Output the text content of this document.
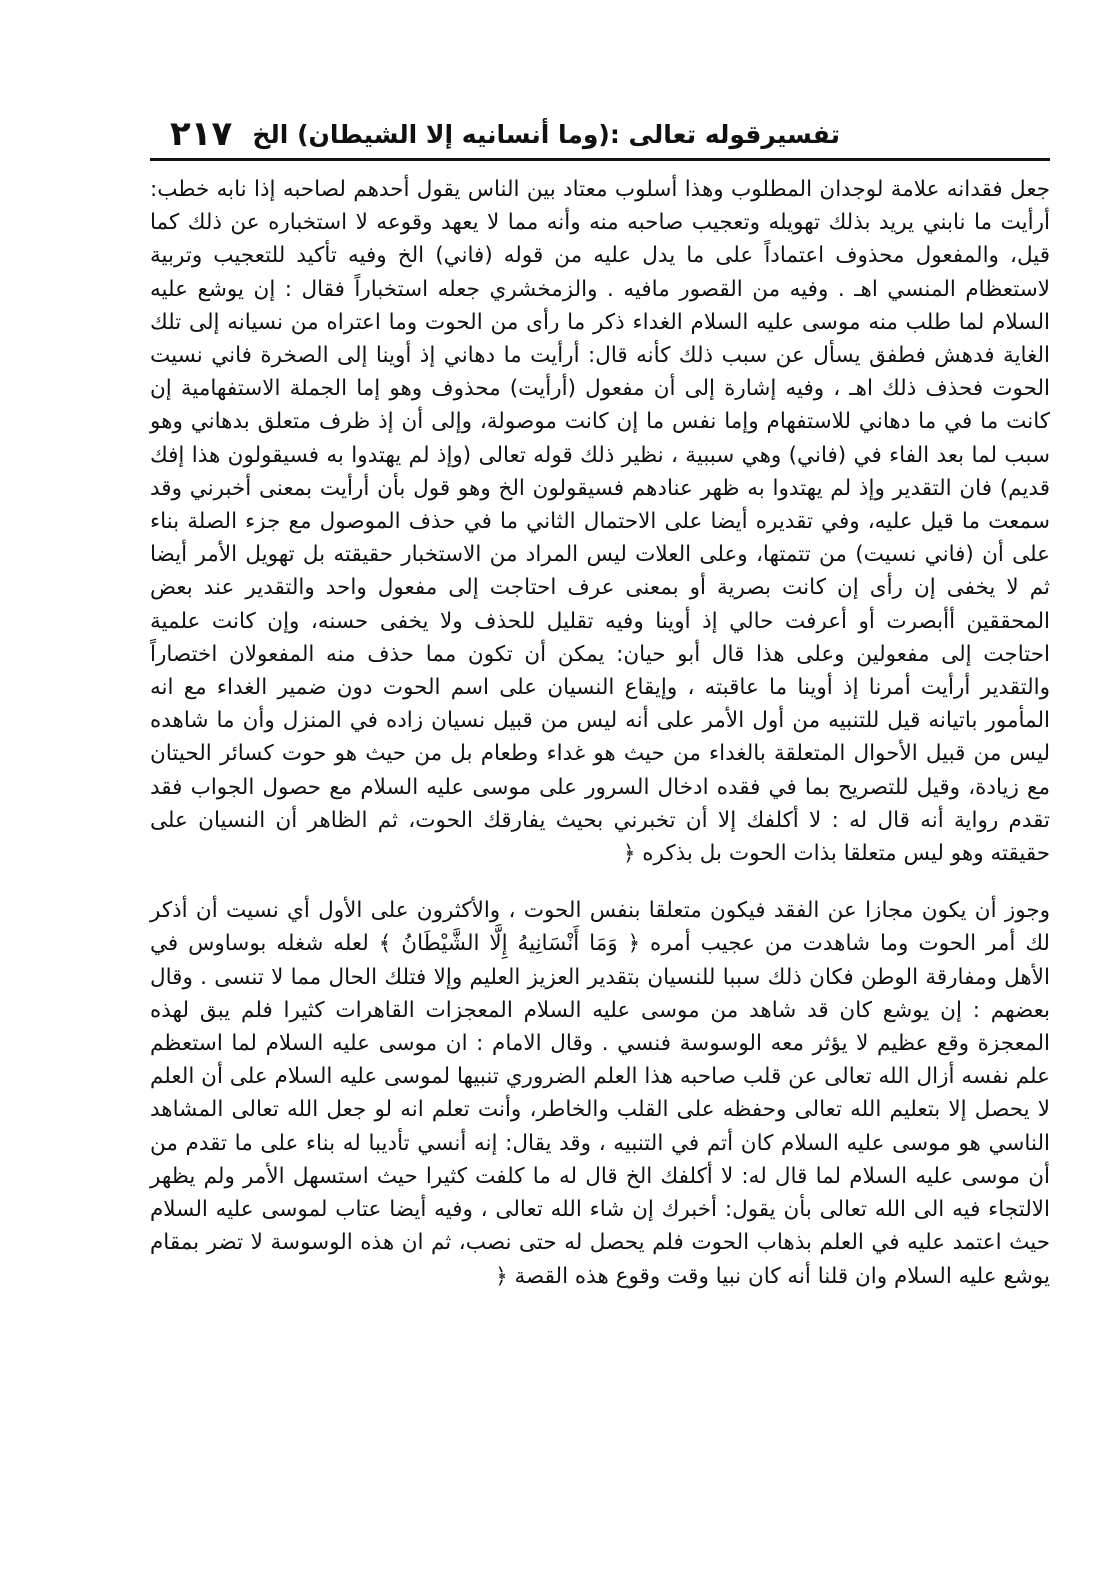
تفسيرقوله تعالى :(وما أنسانيه إلا الشيطان) الخ
٢١٧

جعل فقدانه علامة لوجدان المطلوب وهذا أسلوب معتاد بين الناس يقول أحدهم لصاحبه إذا نابه خطب: أرأيت ما نابني يريد بذلك تهويله وتعجيب صاحبه منه وأنه مما لا يعهد وقوعه لا استخباره عن ذلك كما قيل، والمفعول محذوف اعتماداً على ما يدل عليه من قوله (فاني) الخ وفيه تأكيد للتعجيب وتربية لاستعظام المنسي اهـ . وفيه من القصور مافيه . والزمخشري جعله استخباراً فقال : إن يوشع عليه السلام لما طلب منه موسى عليه السلام الغداء ذكر ما رأى من الحوت وما اعتراه من نسيانه إلى تلك الغاية فدهش فطفق يسأل عن سبب ذلك كأنه قال: أرأيت ما دهاني إذ أوينا إلى الصخرة فاني نسيت الحوت فحذف ذلك اهـ ، وفيه إشارة إلى أن مفعول (أرأيت) محذوف وهو إما الجملة الاستفهامية إن كانت ما في ما دهاني للاستفهام وإما نفس ما إن كانت موصولة، وإلى أن إذ ظرف متعلق بدهاني وهو سبب لما بعد الفاء في (فاني) وهي سببية ، نظير ذلك قوله تعالى (وإذ لم يهتدوا به فسيقولون هذا إفك قديم) فان التقدير وإذ لم يهتدوا به ظهر عنادهم فسيقولون الخ وهو قول بأن أرأيت بمعنى أخبرني وقد سمعت ما قيل عليه، وفي تقديره أيضا على الاحتمال الثاني ما في حذف الموصول مع جزء الصلة بناء على أن (فاني نسيت) من تتمتها، وعلى العلات ليس المراد من الاستخبار حقيقته بل تهويل الأمر أيضا ثم لا يخفى إن رأى إن كانت بصرية أو بمعنى عرف احتاجت إلى مفعول واحد والتقدير عند بعض المحققين أأبصرت أو أعرفت حالي إذ أوينا وفيه تقليل للحذف ولا يخفى حسنه، وإن كانت علمية احتاجت إلى مفعولين وعلى هذا قال أبو حيان: يمكن أن تكون مما حذف منه المفعولان اختصاراً والتقدير أرأيت أمرنا إذ أوينا ما عاقبته ، وإيقاع النسيان على اسم الحوت دون ضمير الغداء مع انه المأمور باتيانه قيل للتنبيه من أول الأمر على أنه ليس من قبيل نسيان زاده في المنزل وأن ما شاهده ليس من قبيل الأحوال المتعلقة بالغداء من حيث هو غداء وطعام بل من حيث هو حوت كسائر الحيتان مع زيادة، وقيل للتصريح بما في فقده ادخال السرور على موسى عليه السلام مع حصول الجواب فقد تقدم رواية أنه قال له : لا أكلفك إلا أن تخبرني بحيث يفارقك الحوت، ثم الظاهر أن النسيان على حقيقته وهو ليس متعلقا بذات الحوت بل بذكره ﴿

وجوز أن يكون مجازا عن الفقد فيكون متعلقا بنفس الحوت ، والأكثرون على الأول أي نسيت أن أذكر لك أمر الحوت وما شاهدت من عجيب أمره ﴿ وَمَا أَنْسَانِيهُ إِلَّا الشَّيْطَانُ ﴾ لعله شغله بوساوس في الأهل ومفارقة الوطن فكان ذلك سببا للنسيان بتقدير العزيز العليم وإلا فتلك الحال مما لا تنسى . وقال بعضهم : إن يوشع كان قد شاهد من موسى عليه السلام المعجزات القاهرات كثيرا فلم يبق لهذه المعجزة وقع عظيم لا يؤثر معه الوسوسة فنسي . وقال الامام : ان موسى عليه السلام لما استعظم علم نفسه أزال الله تعالى عن قلب صاحبه هذا العلم الضروري تنبيها لموسى عليه السلام على أن العلم لا يحصل إلا بتعليم الله تعالى وحفظه على القلب والخاطر، وأنت تعلم انه لو جعل الله تعالى المشاهد الناسي هو موسى عليه السلام كان أتم في التنبيه ، وقد يقال: إنه أنسي تأديبا له بناء على ما تقدم من أن موسى عليه السلام لما قال له: لا أكلفك الخ قال له ما كلفت كثيرا حيث استسهل الأمر ولم يظهر الالتجاء فيه الى الله تعالى بأن يقول: أخبرك إن شاء الله تعالى ، وفيه أيضا عتاب لموسى عليه السلام حيث اعتمد عليه في العلم بذهاب الحوت فلم يحصل له حتى نصب، ثم ان هذه الوسوسة لا تضر بمقام يوشع عليه السلام وان قلنا أنه كان نبيا وقت وقوع هذه القصة ﴿
